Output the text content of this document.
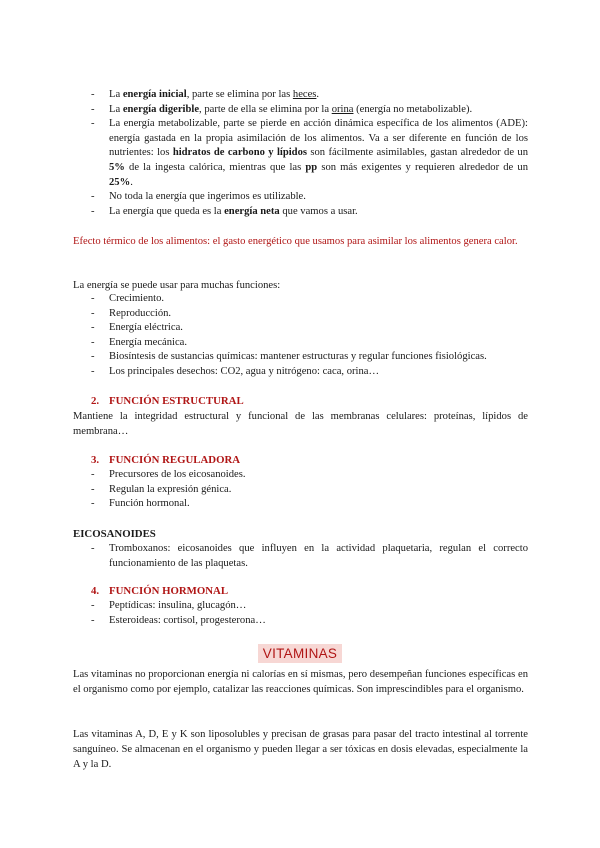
- La energía inicial, parte se elimina por las heces.
- La energía digerible, parte de ella se elimina por la orina (energía no metabolizable).
- La energía metabolizable, parte se pierde en acción dinámica específica de los alimentos (ADE): energía gastada en la propia asimilación de los alimentos. Va a ser diferente en función de los nutrientes: los hidratos de carbono y lípidos son fácilmente asimilables, gastan alrededor de un 5% de la ingesta calórica, mientras que las pp son más exigentes y requieren alrededor de un 25%.
- No toda la energía que ingerimos es utilizable.
- La energía que queda es la energía neta que vamos a usar.
Efecto térmico de los alimentos: el gasto energético que usamos para asimilar los alimentos genera calor.
La energía se puede usar para muchas funciones:
- Crecimiento.
- Reproducción.
- Energía eléctrica.
- Energía mecánica.
- Biosíntesis de sustancias químicas: mantener estructuras y regular funciones fisiológicas.
- Los principales desechos: CO2, agua y nitrógeno: caca, orina…
2. FUNCIÓN ESTRUCTURAL
Mantiene la integridad estructural y funcional de las membranas celulares: proteínas, lípidos de membrana…
3. FUNCIÓN REGULADORA
- Precursores de los eicosanoides.
- Regulan la expresión génica.
- Función hormonal.
EICOSANOIDES
- Tromboxanos: eicosanoides que influyen en la actividad plaquetaria, regulan el correcto funcionamiento de las plaquetas.
4. FUNCIÓN HORMONAL
- Peptídicas: insulina, glucagón…
- Esteroideas: cortisol, progesterona…
VITAMINAS
Las vitaminas no proporcionan energía ni calorías en sí mismas, pero desempeñan funciones específicas en el organismo como por ejemplo, catalizar las reacciones químicas. Son imprescindibles para el organismo.
Las vitaminas A, D, E y K son liposolubles y precisan de grasas para pasar del tracto intestinal al torrente sanguíneo. Se almacenan en el organismo y pueden llegar a ser tóxicas en dosis elevadas, especialmente la A y la D.
